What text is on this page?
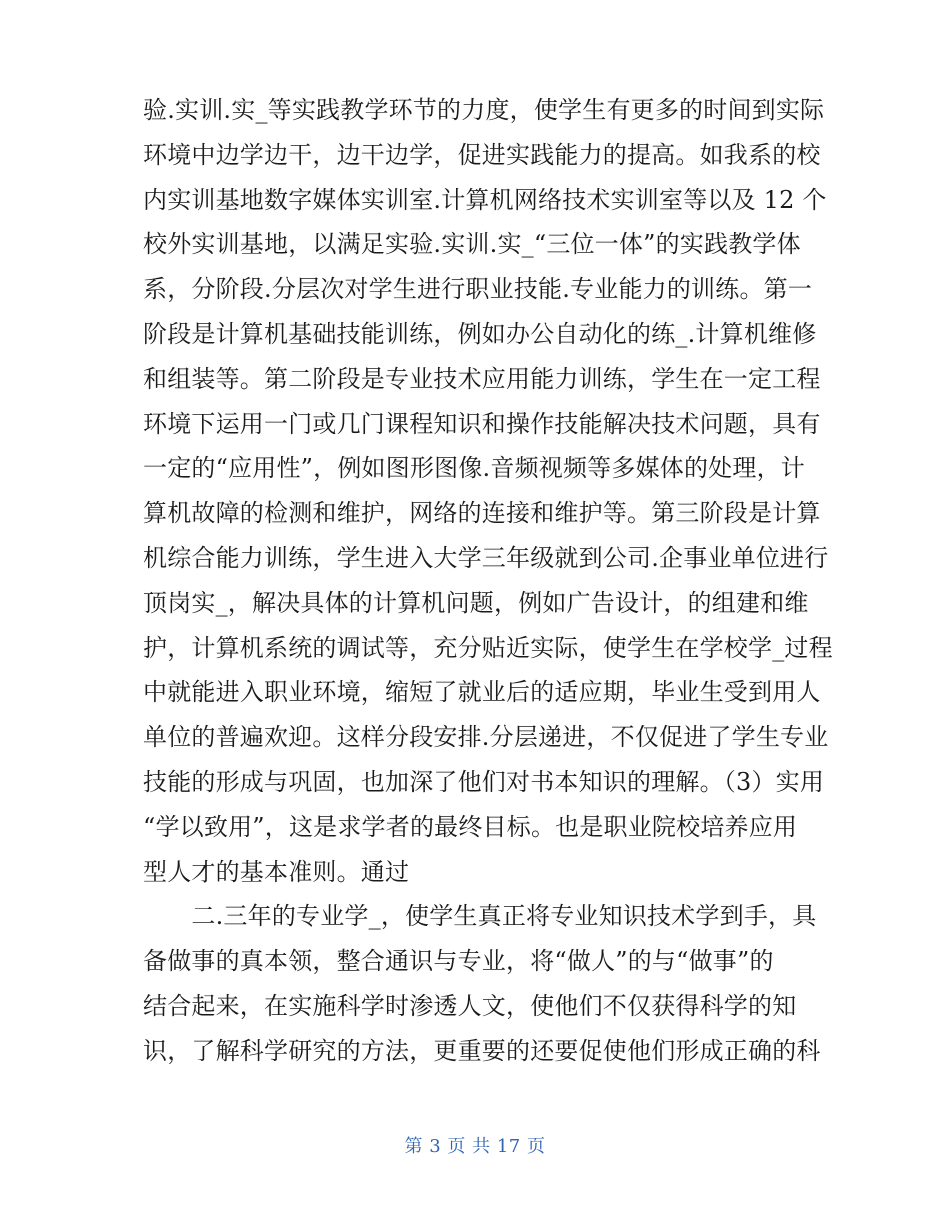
验.实训.实_等实践教学环节的力度，使学生有更多的时间到实际
环境中边学边干，边干边学，促进实践能力的提高。如我系的校
内实训基地数字媒体实训室.计算机网络技术实训室等以及 12 个
校外实训基地，以满足实验.实训.实_“三位一体”的实践教学体
系，分阶段.分层次对学生进行职业技能.专业能力的训练。第一
阶段是计算机基础技能训练，例如办公自动化的练_.计算机维修
和组装等。第二阶段是专业技术应用能力训练，学生在一定工程
环境下运用一门或几门课程知识和操作技能解决技术问题，具有
一定的“应用性”，例如图形图像.音频视频等多媒体的处理，计
算机故障的检测和维护，网络的连接和维护等。第三阶段是计算
机综合能力训练，学生进入大学三年级就到公司.企事业单位进行
顶岗实_，解决具体的计算机问题，例如广告设计，的组建和维
护，计算机系统的调试等，充分贴近实际，使学生在学校学_过程
中就能进入职业环境，缩短了就业后的适应期，毕业生受到用人
单位的普遍欢迎。这样分段安排.分层递进，不仅促进了学生专业
技能的形成与巩固，也加深了他们对书本知识的理解。（3）实用
“学以致用”，这是求学者的最终目标。也是职业院校培养应用
型人才的基本准则。通过
　　二.三年的专业学_，使学生真正将专业知识技术学到手，具
备做事的真本领，整合通识与专业，将“做人”的与“做事”的
结合起来，在实施科学时渗透人文，使他们不仅获得科学的知
识，了解科学研究的方法，更重要的还要促使他们形成正确的科
第 3 页 共 17 页
